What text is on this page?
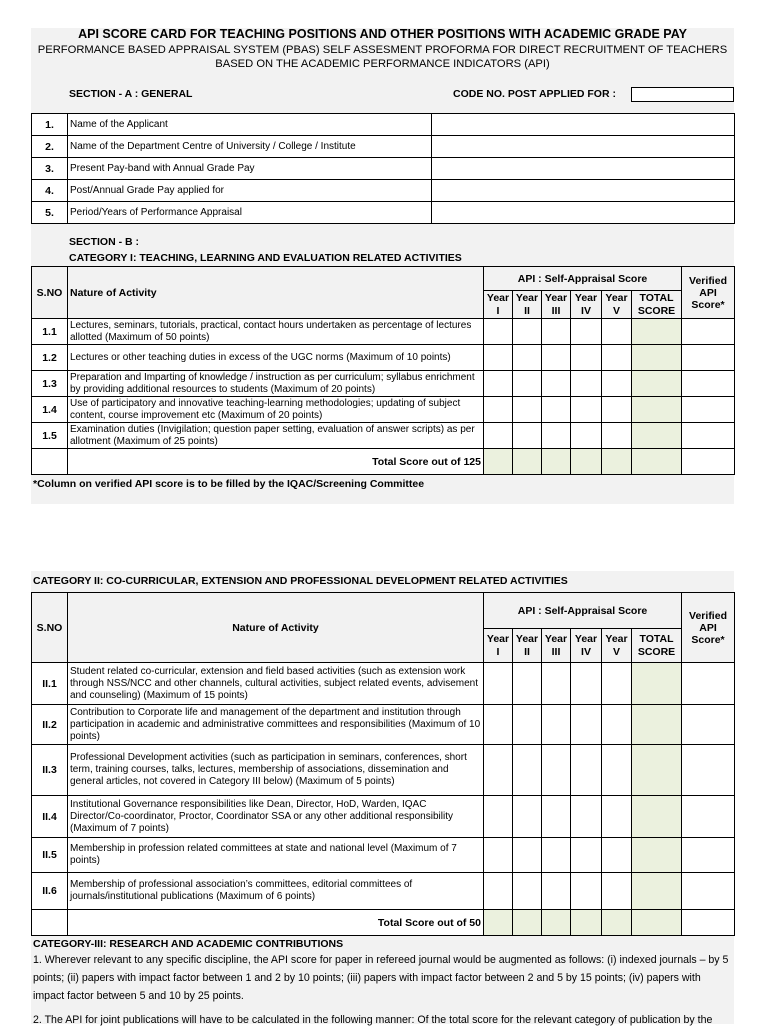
API SCORE CARD FOR TEACHING POSITIONS AND OTHER POSITIONS WITH ACADEMIC GRADE PAY
PERFORMANCE BASED APPRAISAL SYSTEM (PBAS) SELF ASSESMENT PROFORMA FOR DIRECT RECRUITMENT OF TEACHERS
BASED ON THE ACADEMIC PERFORMANCE INDICATORS (API)
SECTION - A : GENERAL	CODE NO. POST APPLIED FOR :
1.	Name of the Applicant	
2.	Name of the Department Centre of University / College / Institute	
3.	Present Pay-band with Annual Grade Pay	
4.	Post/Annual Grade Pay applied for	
5.	Period/Years of Performance Appraisal	
SECTION - B :
CATEGORY I: TEACHING, LEARNING AND EVALUATION RELATED ACTIVITIES
S.NO	Nature of Activity	API : Self-Appraisal Score						Verified API Score*
		Year I	Year II	Year III	Year IV	Year V	TOTAL SCORE	
1.1	Lectures, seminars, tutorials, practical, contact hours undertaken as percentage of lectures allotted (Maximum of 50 points)							
1.2	Lectures or other teaching duties in excess of the UGC norms (Maximum of 10 points)							
1.3	Preparation and Imparting of knowledge / instruction as per curriculum; syllabus enrichment by providing additional resources to students (Maximum of 20 points)							
1.4	Use of participatory and innovative teaching-learning methodologies; updating of subject content, course improvement etc (Maximum of 20 points)							
1.5	Examination duties (Invigilation; question paper setting, evaluation of answer scripts) as per allotment (Maximum of 25 points)							
	Total Score out of 125							
*Column on verified API score is to be filled by the IQAC/Screening Committee
CATEGORY II: CO-CURRICULAR, EXTENSION AND PROFESSIONAL DEVELOPMENT RELATED ACTIVITIES
S.NO	Nature of Activity	API : Self-Appraisal Score						Verified API Score*
		Year I	Year II	Year III	Year IV	Year V	TOTAL SCORE	
II.1	Student related co-curricular, extension and field based activities (such as extension work through NSS/NCC and other channels, cultural activities, subject related events, advisement and counseling) (Maximum of 15 points)							
II.2	Contribution to Corporate life and management of the department and institution through participation in academic and administrative committees and responsibilities (Maximum of 10 points)							
II.3	Professional Development activities (such as participation in seminars, conferences, short term, training courses, talks, lectures, membership of associations, dissemination and general articles, not covered in Category III below) (Maximum of 5 points)							
II.4	Institutional Governance responsibilities like Dean, Director, HoD, Warden, IQAC Director/Co-coordinator, Proctor, Coordinator SSA or any other additional responsibility (Maximum of 7 points)							
II.5	Membership in profession related committees at state and national level (Maximum of 7 points)							
II.6	Membership of professional association’s committees, editorial committees of journals/institutional publications (Maximum of 6 points)							
	Total Score out of 50							
CATEGORY-III: RESEARCH AND ACADEMIC CONTRIBUTIONS
1. Wherever relevant to any specific discipline, the API score for paper in refereed journal would be augmented as follows: (i) indexed journals – by 5 points; (ii) papers with impact factor between 1 and 2 by 10 points; (iii) papers with impact factor between 2 and 5 by 15 points; (iv) papers with impact factor between 5 and 10 by 25 points.
2. The API for joint publications will have to be calculated in the following manner: Of the total score for the relevant category of publication by the
